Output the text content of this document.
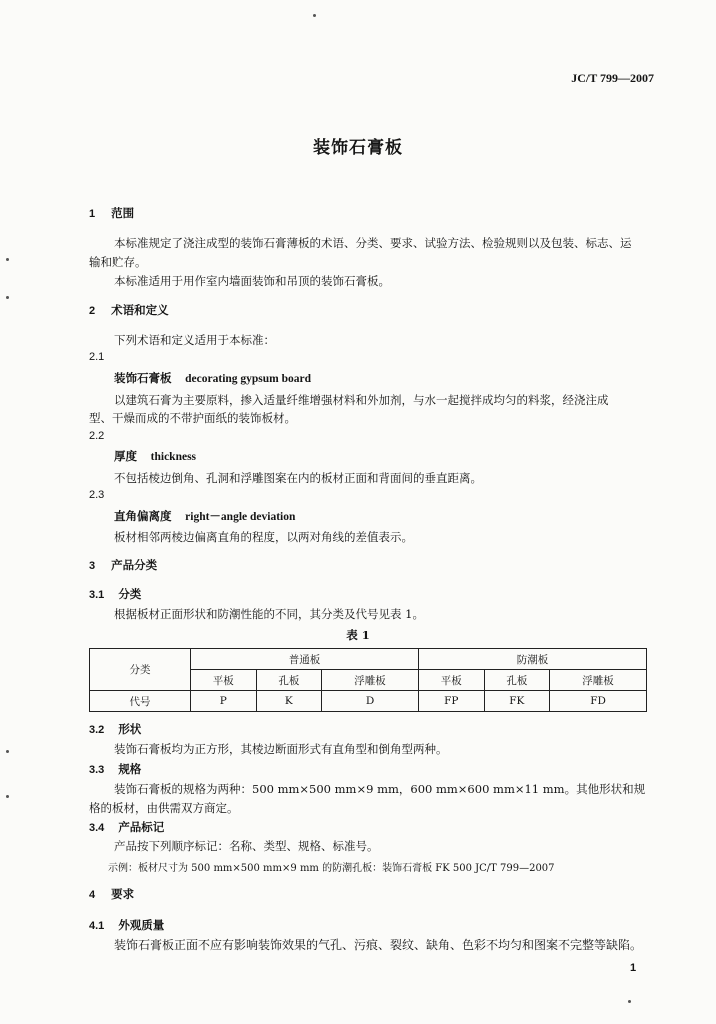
JC/T 799—2007
装饰石膏板
1 范围
本标准规定了浇注成型的装饰石膏薄板的术语、分类、要求、试验方法、检验规则以及包装、标志、运
输和贮存。
本标准适用于用作室内墙面装饰和吊顶的装饰石膏板。
2 术语和定义
下列术语和定义适用于本标准：
2.1
装饰石膏板 decorating gypsum board
以建筑石膏为主要原料，掺入适量纤维增强材料和外加剂，与水一起搅拌成均匀的料浆，经浇注成
型、干燥而成的不带护面纸的装饰板材。
2.2
厚度 thickness
不包括棱边倒角、孔洞和浮雕图案在内的板材正面和背面间的垂直距离。
2.3
直角偏离度 right－angle deviation
板材相邻两棱边偏离直角的程度，以两对角线的差值表示。
3 产品分类
3.1 分类
根据板材正面形状和防潮性能的不同，其分类及代号见表 1。
表 1
分类	普通板			防潮板		
	平板	孔板	浮雕板	平板	孔板	浮雕板
代号	P	K	D	FP	FK	FD
3.2 形状
装饰石膏板均为正方形，其棱边断面形式有直角型和倒角型两种。
3.3 规格
装饰石膏板的规格为两种：500 mm×500 mm×9 mm，600 mm×600 mm×11 mm。其他形状和规
格的板材，由供需双方商定。
3.4 产品标记
产品按下列顺序标记：名称、类型、规格、标准号。
示例：板材尺寸为 500 mm×500 mm×9 mm 的防潮孔板：装饰石膏板 FK 500 JC/T 799—2007
4 要求
4.1 外观质量
装饰石膏板正面不应有影响装饰效果的气孔、污痕、裂纹、缺角、色彩不均匀和图案不完整等缺陷。
1
